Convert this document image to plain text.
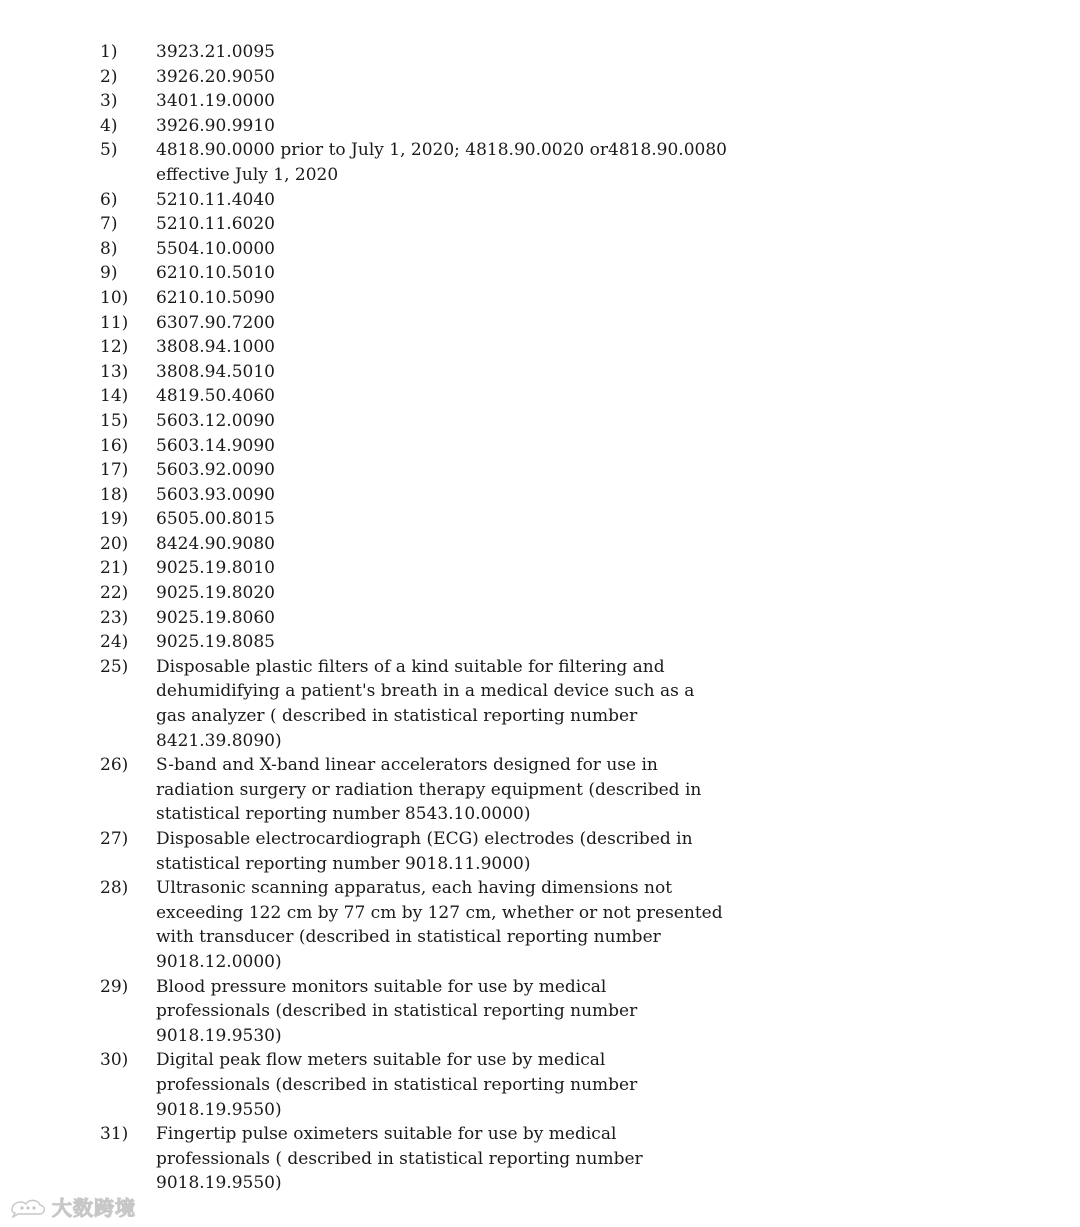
1)	3923.21.0095
2)	3926.20.9050
3)	3401.19.0000
4)	3926.90.9910
5)	4818.90.0000 prior to July 1, 2020; 4818.90.0020 or4818.90.0080
effective July 1, 2020
6)	5210.11.4040
7)	5210.11.6020
8)	5504.10.0000
9)	6210.10.5010
10)	6210.10.5090
11)	6307.90.7200
12)	3808.94.1000
13)	3808.94.5010
14)	4819.50.4060
15)	5603.12.0090
16)	5603.14.9090
17)	5603.92.0090
18)	5603.93.0090
19)	6505.00.8015
20)	8424.90.9080
21)	9025.19.8010
22)	9025.19.8020
23)	9025.19.8060
24)	9025.19.8085
25)	Disposable plastic filters of a kind suitable for filtering and
dehumidifying a patient's breath in a medical device such as a
gas analyzer ( described in statistical reporting number
8421.39.8090)
26)	S-band and X-band linear accelerators designed for use in
radiation surgery or radiation therapy equipment (described in
statistical reporting number 8543.10.0000)
27)	Disposable electrocardiograph (ECG) electrodes (described in
statistical reporting number 9018.11.9000)
28)	Ultrasonic scanning apparatus, each having dimensions not
exceeding 122 cm by 77 cm by 127 cm, whether or not presented
with transducer (described in statistical reporting number
9018.12.0000)
29)	Blood pressure monitors suitable for use by medical
professionals (described in statistical reporting number
9018.19.9530)
30)	Digital peak flow meters suitable for use by medical
professionals (described in statistical reporting number
9018.19.9550)
31)	Fingertip pulse oximeters suitable for use by medical
professionals ( described in statistical reporting number
9018.19.9550)
大数跨境
